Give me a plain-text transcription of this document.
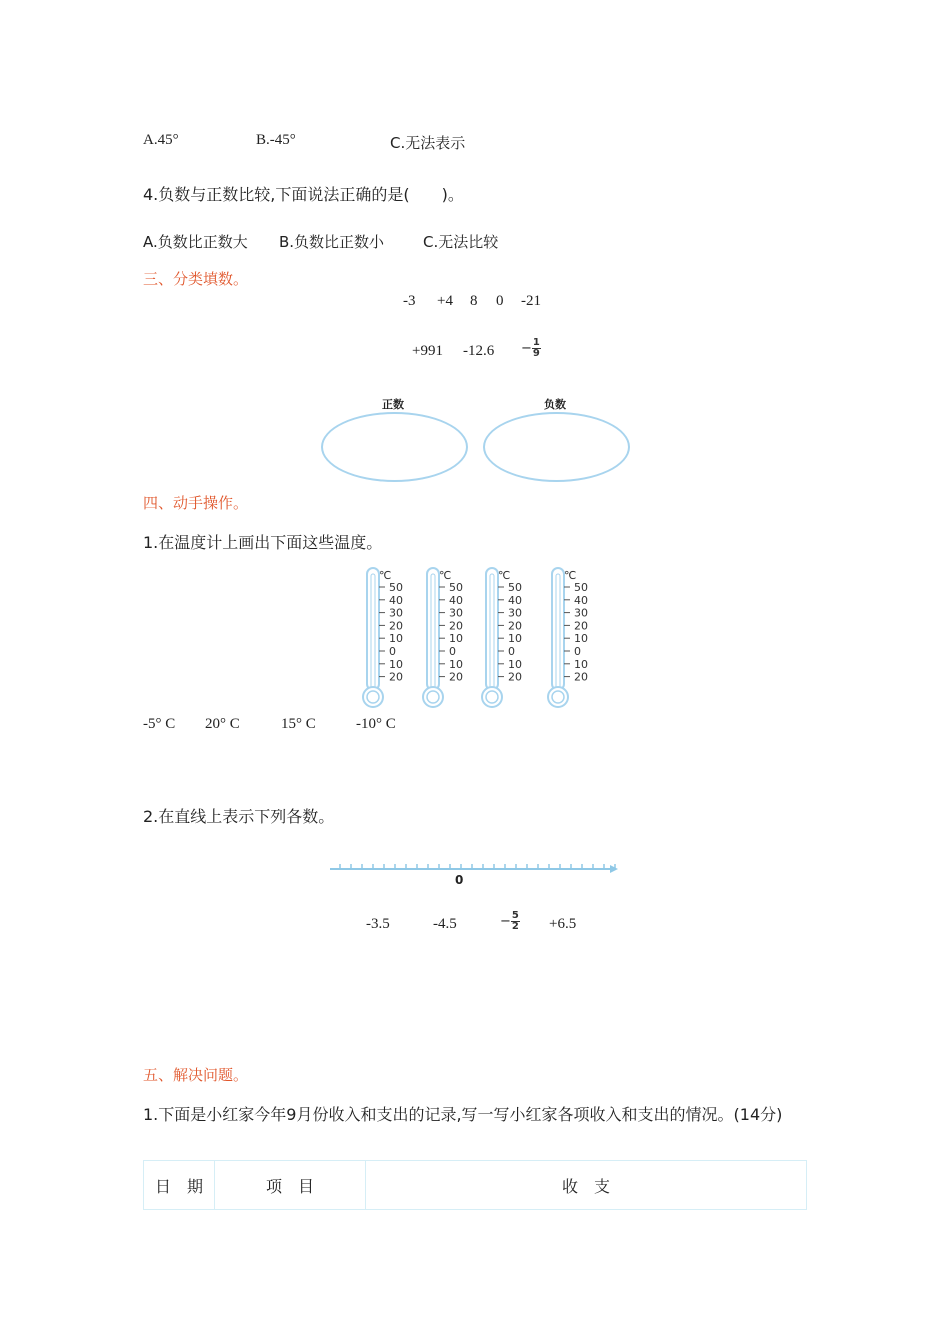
A.45°	B.-45°	C.无法表示
4.负数与正数比较,下面说法正确的是(　　)。
A.负数比正数大 B.负数比正数小	C.无法比较
三、分类填数。
-3 +4 8 0 -21
+991 $-12.6 - \frac{1}{9}$
正数	负数
四、动手操作。
1.在温度计上画出下面这些温度。
℃
50
40
30
20
10
0
10
20
℃
50
40
30
20
10
0
10
20
℃
50
40
30
20
10
0
10
20
℃
50
40
30
20
10
0
10
20
-5° C 20° C	15° C	-10° C
2.在直线上表示下列各数。
0
-3.5	-4.5	− $\frac{5}{2} +6.5$
五、解决问题。
1.下面是小红家今年9月份收入和支出的记录,写一写小红家各项收入和支出的情况。(14分)
日　期	项　目	收　支
